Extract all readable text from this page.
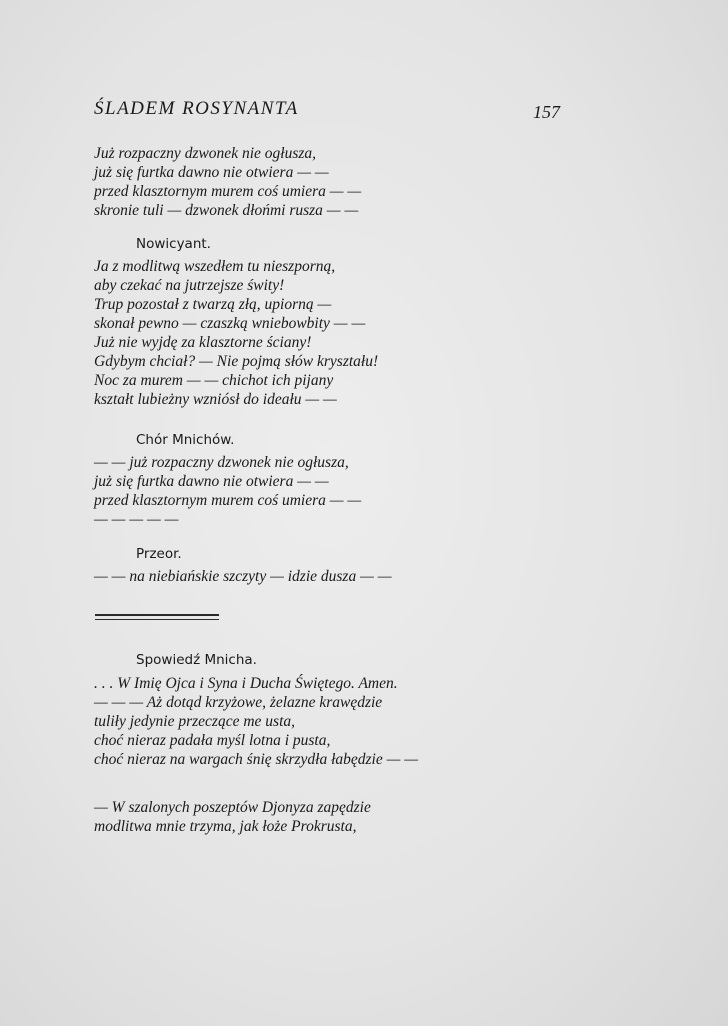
ŚLADEM ROSYNANTA	157
Już rozpaczny dzwonek nie ogłusza,
już się furtka dawno nie otwiera — —
przed klasztornym murem coś umiera — —
skronie tuli — dzwonek dłońmi rusza — —
Nowicyant.
Ja z modlitwą wszedłem tu nieszporną,
aby czekać na jutrzejsze świty!
Trup pozostał z twarzą złą, upiorną —
skonał pewno — czaszką wniebowbity — —
Już nie wyjdę za klasztorne ściany!
Gdybym chciał? — Nie pojmą słów kryształu!
Noc za murem — — chichot ich pijany
kształt lubieżny wzniósł do ideału — —
Chór Mnichów.
— — już rozpaczny dzwonek nie ogłusza,
już się furtka dawno nie otwiera — —
przed klasztornym murem coś umiera — —
— — — — —
Przeor.
— — na niebiańskie szczyty — idzie dusza — —
Spowiedź Mnicha.
. . . W Imię Ojca i Syna i Ducha Świętego. Amen.
— — — Aż dotąd krzyżowe, żelazne krawędzie
tuliły jedynie przeczące me usta,
choć nieraz padała myśl lotna i pusta,
choć nieraz na wargach śnię skrzydła łabędzie — —
— W szalonych poszeptów Djonyza zapędzie
modlitwa mnie trzyma, jak łoże Prokrusta,
